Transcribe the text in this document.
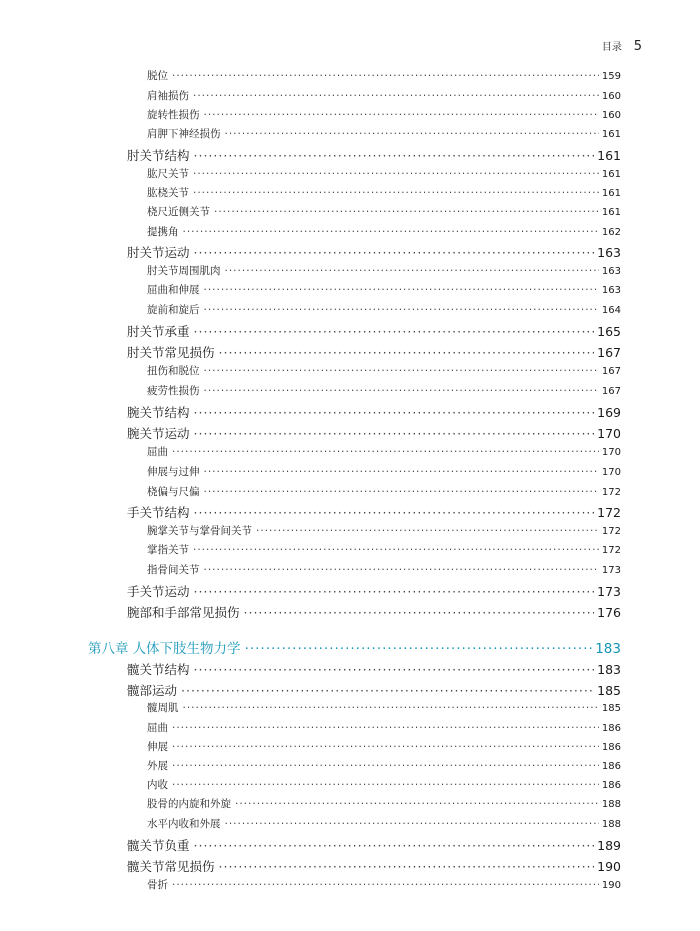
目录 5
脱位 ·····	159
肩袖损伤 ·····	160
旋转性损伤 ·····	160
肩胛下神经损伤 ·····	161
肘关节结构 ·····	161
肱尺关节 ·····	161
肱桡关节 ·····	161
桡尺近侧关节 ·····	161
提携角 ·····	162
肘关节运动 ·····	163
肘关节周围肌肉 ·····	163
屈曲和伸展 ·····	163
旋前和旋后 ·····	164
肘关节承重 ·····	165
肘关节常见损伤 ·····	167
扭伤和脱位 ·····	167
疲劳性损伤 ·····	167
腕关节结构 ·····	169
腕关节运动 ·····	170
屈曲 ·····	170
伸展与过伸 ·····	170
桡偏与尺偏 ·····	172
手关节结构 ·····	172
腕掌关节与掌骨间关节 ·····	172
掌指关节 ·····	172
指骨间关节 ·····	173
手关节运动 ·····	173
腕部和手部常见损伤 ·····	176
第八章 人体下肢生物力学 ·····	183
髋关节结构 ·····	183
髋部运动 ·····	185
髋周肌 ·····	185
屈曲 ·····	186
伸展 ·····	186
外展 ·····	186
内收 ·····	186
股骨的内旋和外旋 ·····	188
水平内收和外展 ·····	188
髋关节负重 ·····	189
髋关节常见损伤 ·····	190
骨折 ·····	190
